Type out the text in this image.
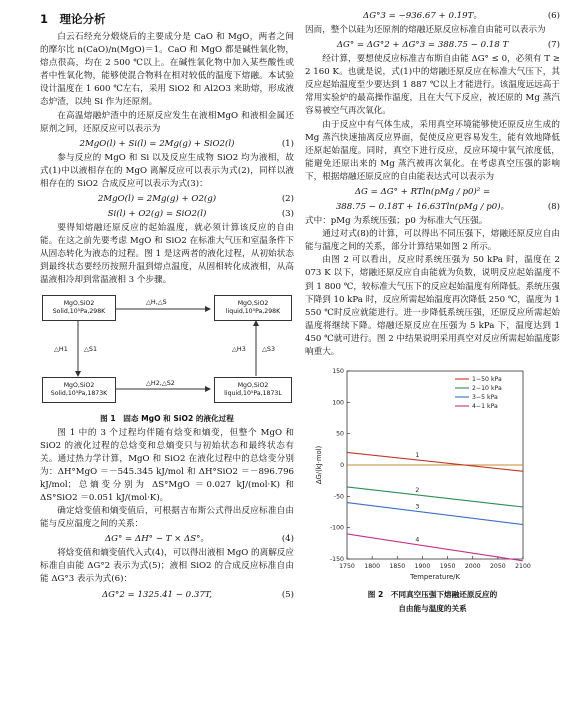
1　理论分析

白云石经充分煅烧后的主要成分是 CaO 和 MgO，两者之间的摩尔比 n(CaO)/n(MgO)＝1。CaO 和 MgO 都是碱性氧化物，熔点很高，均在 2 500 ℃以上。在碱性氧化物中加入某些酸性或者中性氧化物，能够使混合物料在相对较低的温度下熔融。本试验设计温度在 1 600 ℃左右，采用 SiO2 和 Al2O3 来助熔，形成液态炉渣，以纯 Si 作为还原剂。

在高温熔融炉渣中的还原反应发生在液相MgO 和液相金属还原剂之间，还原反应可以表示为

2MgO(l) + Si(l) = 2Mg(g) + SiO2(l)	(1)

参与反应的 MgO 和 Si 以及反应生成物 SiO2 均为液相，故式(1)中以液相存在的 MgO 离解反应可以表示为式(2)，同样以液相存在的 SiO2 合成反应可以表示为式(3)：

2MgO(l) = 2Mg(g) + O2(g)	(2)
Si(l) + O2(g) = SiO2(l)	(3)

要得知熔融还原反应的起始温度，就必须计算该反应的自由能。在这之前先要考虑 MgO 和 SiO2 在标准大气压和室温条件下从固态转化为液态的过程。图 1 是这两者的液化过程，从初始状态到最终状态要经历按照升温到熔点温度，从固相转化成液相，从高温液相冷却到常温液相 3 个步骤。

MgO,SiO2
Solid,10⁵Pa,298K
MgO,SiO2
liquid,10⁵Pa,298K
MgO,SiO2
Solid,10⁵Pa,1873K
MgO,SiO2
liquid,10⁵Pa,1873L
△H,△S
△H2,△S2
△H1	△S1	△H3	△S3
图 1　固态 MgO 和 SiO2 的液化过程

图 1 中的 3 个过程均伴随有焓变和熵变，但整个 MgO 和 SiO2 的液化过程的总焓变和总熵变只与初始状态和最终状态有关。通过热力学计算，MgO 和 SiO2 在液化过程中的总焓变分别为：ΔH°MgO ＝－545.345 kJ/mol 和 ΔH°SiO2 ＝－896.796 kJ/mol；总熵变分别为 ΔS°MgO ＝0.027 kJ/(mol·K) 和 ΔS°SiO2 ＝0.051 kJ/(mol·K)。

确定焓变值和熵变值后，可根据吉布斯公式得出反应标准自由能与反应温度之间的关系：

ΔG° = ΔH° − T × ΔS°。	(4)

将焓变值和熵变值代入式(4)，可以得出液相 MgO 的离解反应标准自由能 ΔG°2 表示为式(5)；液相 SiO2 的合成反应标准自由能 ΔG°3 表示为式(6)：

ΔG°2 = 1325.41 − 0.37T,	(5)
ΔG°3 = −936.67 + 0.19T。	(6)

因而，整个以硅为还原剂的熔融还原反应标准自由能可以表示为

ΔG° = ΔG°2 + ΔG°3 = 388.75 − 0.18 T	(7)

经计算，要想使反应标准吉布斯自由能 ΔG° ≤ 0，必须有 T ≥ 2 160 K。也就是说，式(1)中的熔融还原反应在标准大气压下，其反应起始温度至少要达到 1 887 ℃以上才能进行。该温度远远高于常用实验炉的最高操作温度，且在大气下反应，被还原的 Mg 蒸汽容易被空气再次氧化。

由于反应中有气体生成，采用真空环境能够使还原反应生成的 Mg 蒸汽快速抽离反应界面，促使反应更容易发生，能有效地降低还原起始温度。同时，真空下进行反应，反应环境中氧气浓度低，能避免还原出来的 Mg 蒸汽被再次氧化。在考虑真空压强的影响下，根据熔融还原反应的自由能表达式可以表示为

ΔG = ΔG° + RTln(pMg / p0)² =
388.75 − 0.18T + 16.63Tln(pMg / p0)。	(8)

式中：pMg 为系统压强；p0 为标准大气压强。

通过对式(8)的计算，可以得出不同压强下，熔融还原反应自由能与温度之间的关系，部分计算结果如图 2 所示。

由图 2 可以看出，反应时系统压强为 50 kPa 时，温度在 2 073 K 以下，熔融还原反应自由能就为负数，说明反应起始温度不到 1 800 ℃，较标准大气压下的反应起始温度有所降低。系统压强下降到 10 kPa 时，反应所需起始温度再次降低 250 ℃，温度为 1 550 ℃时反应就能进行。进一步降低系统压强，还原反应所需起始温度将继续下降。熔融还原反应在压强为 5 kPa 下，温度达到 1 450 ℃就可进行。图 2 中结果说明采用真空对反应所需起始温度影响重大。

1750 1800 1850 1900 1950 2000 2050 2100
-150
-100
-50
0
50
100
150
Temperature/K
ΔG/(kJ·mol)	1
2
3
4
1−50 kPa
2−10 kPa
3−5 kPa
4−1 kPa
图 2　不同真空压强下熔融还原反应的
自由能与温度的关系
